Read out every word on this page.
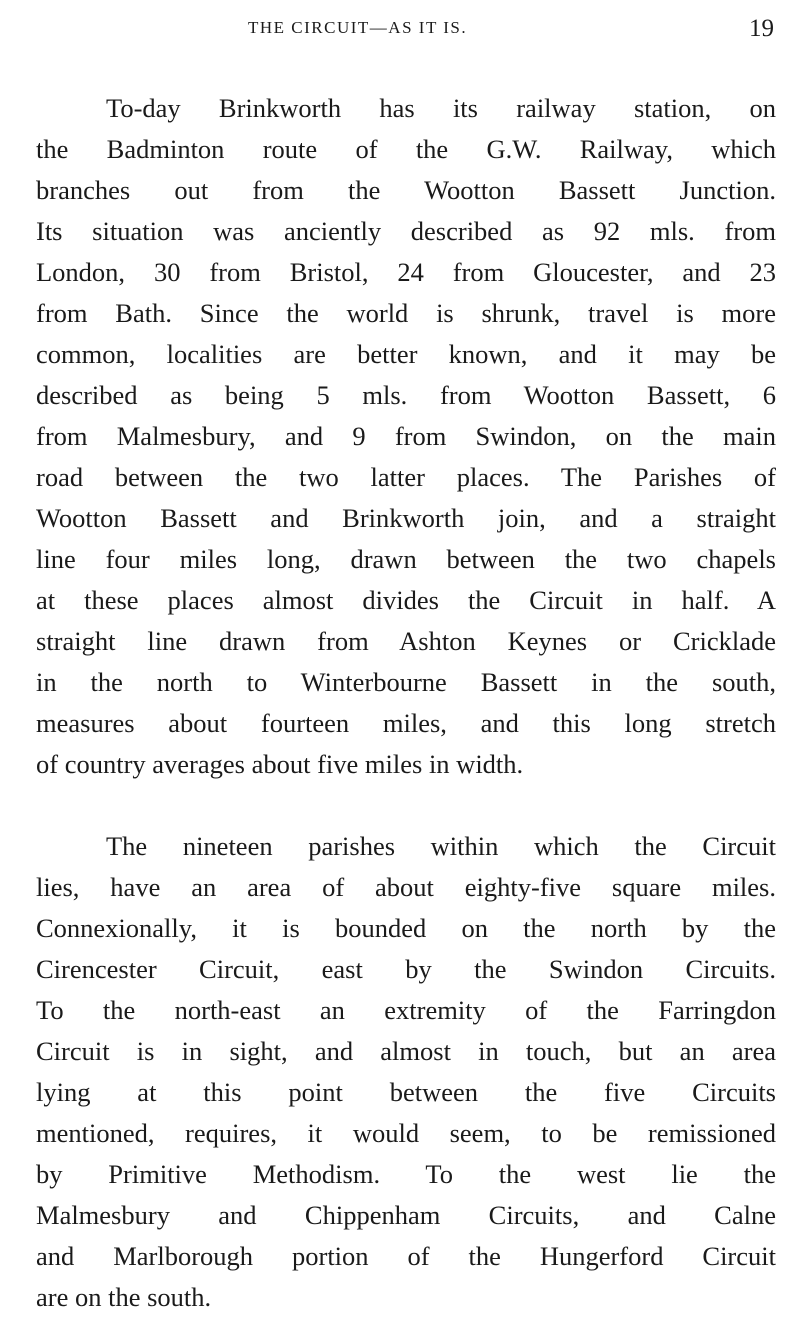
THE CIRCUIT—AS IT IS.	19
To-day Brinkworth has its railway station, on
the Badminton route of the G.W. Railway, which
branches out from the Wootton Bassett Junction.
Its situation was anciently described as 92 mls. from
London, 30 from Bristol, 24 from Gloucester, and 23
from Bath. Since the world is shrunk, travel is more
common, localities are better known, and it may be
described as being 5 mls. from Wootton Bassett, 6
from Malmesbury, and 9 from Swindon, on the main
road between the two latter places. The Parishes of
Wootton Bassett and Brinkworth join, and a straight
line four miles long, drawn between the two chapels
at these places almost divides the Circuit in half. A
straight line drawn from Ashton Keynes or Cricklade
in the north to Winterbourne Bassett in the south,
measures about fourteen miles, and this long stretch
of country averages about five miles in width.
The nineteen parishes within which the Circuit
lies, have an area of about eighty-five square miles.
Connexionally, it is bounded on the north by the
Cirencester Circuit, east by the Swindon Circuits.
To the north-east an extremity of the Farringdon
Circuit is in sight, and almost in touch, but an area
lying at this point between the five Circuits
mentioned, requires, it would seem, to be remissioned
by Primitive Methodism. To the west lie the
Malmesbury and Chippenham Circuits, and Calne
and Marlborough portion of the Hungerford Circuit
are on the south.
